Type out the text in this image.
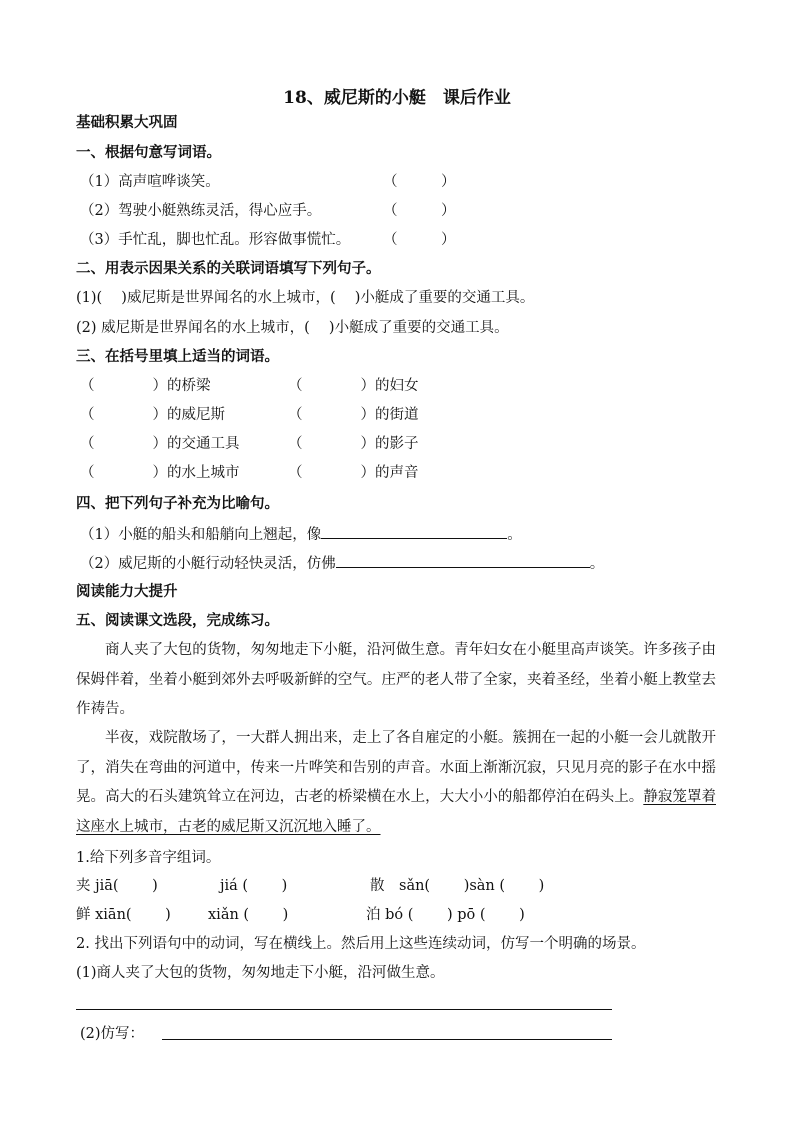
18、威尼斯的小艇　课后作业
基础积累大巩固
一、根据句意写词语。
（1）高声喧哗谈笑。	（　　　）
（2）驾驶小艇熟练灵活，得心应手。	（　　　）
（3）手忙乱，脚也忙乱。形容做事慌忙。 （　　　）
二、用表示因果关系的关联词语填写下列句子。
(1)(　 )威尼斯是世界闻名的水上城市，(　 )小艇成了重要的交通工具。
(2) 威尼斯是世界闻名的水上城市，(　 )小艇成了重要的交通工具。
三、在括号里填上适当的词语。
（　　　　）的桥梁	（　　　　）的妇女
（　　　　）的威尼斯	（　　　　）的街道
（　　　　）的交通工具	（　　　　）的影子
（　　　　）的水上城市	（　　　　）的声音
四、把下列句子补充为比喻句。
（1）小艇的船头和船艄向上翘起，像	。
（2）威尼斯的小艇行动轻快灵活，仿佛	。
阅读能力大提升
五、阅读课文选段，完成练习。
商人夹了大包的货物，匆匆地走下小艇，沿河做生意。青年妇女在小艇里高声谈笑。许多孩子由保姆伴着，坐着小艇到郊外去呼吸新鲜的空气。庄严的老人带了全家，夹着圣经，坐着小艇上教堂去作祷告。
半夜，戏院散场了，一大群人拥出来，走上了各自雇定的小艇。簇拥在一起的小艇一会儿就散开了，消失在弯曲的河道中，传来一片哗笑和告别的声音。水面上渐渐沉寂，只见月亮的影子在水中摇晃。高大的石头建筑耸立在河边，古老的桥梁横在水上，大大小小的船都停泊在码头上。静寂笼罩着这座水上城市，古老的威尼斯又沉沉地入睡了。
1.给下列多音字组词。
夹 jiā(　　 )	jiá (　　 )	散　sǎn(　　 )sàn (　　 )
鲜 xiān(　　 )	xiǎn (　　 )	泊 bó (　　 ) pō (　　 )
2. 找出下列语句中的动词，写在横线上。然后用上这些连续动词，仿写一个明确的场景。
(1)商人夹了大包的货物，匆匆地走下小艇，沿河做生意。
(2)仿写：
